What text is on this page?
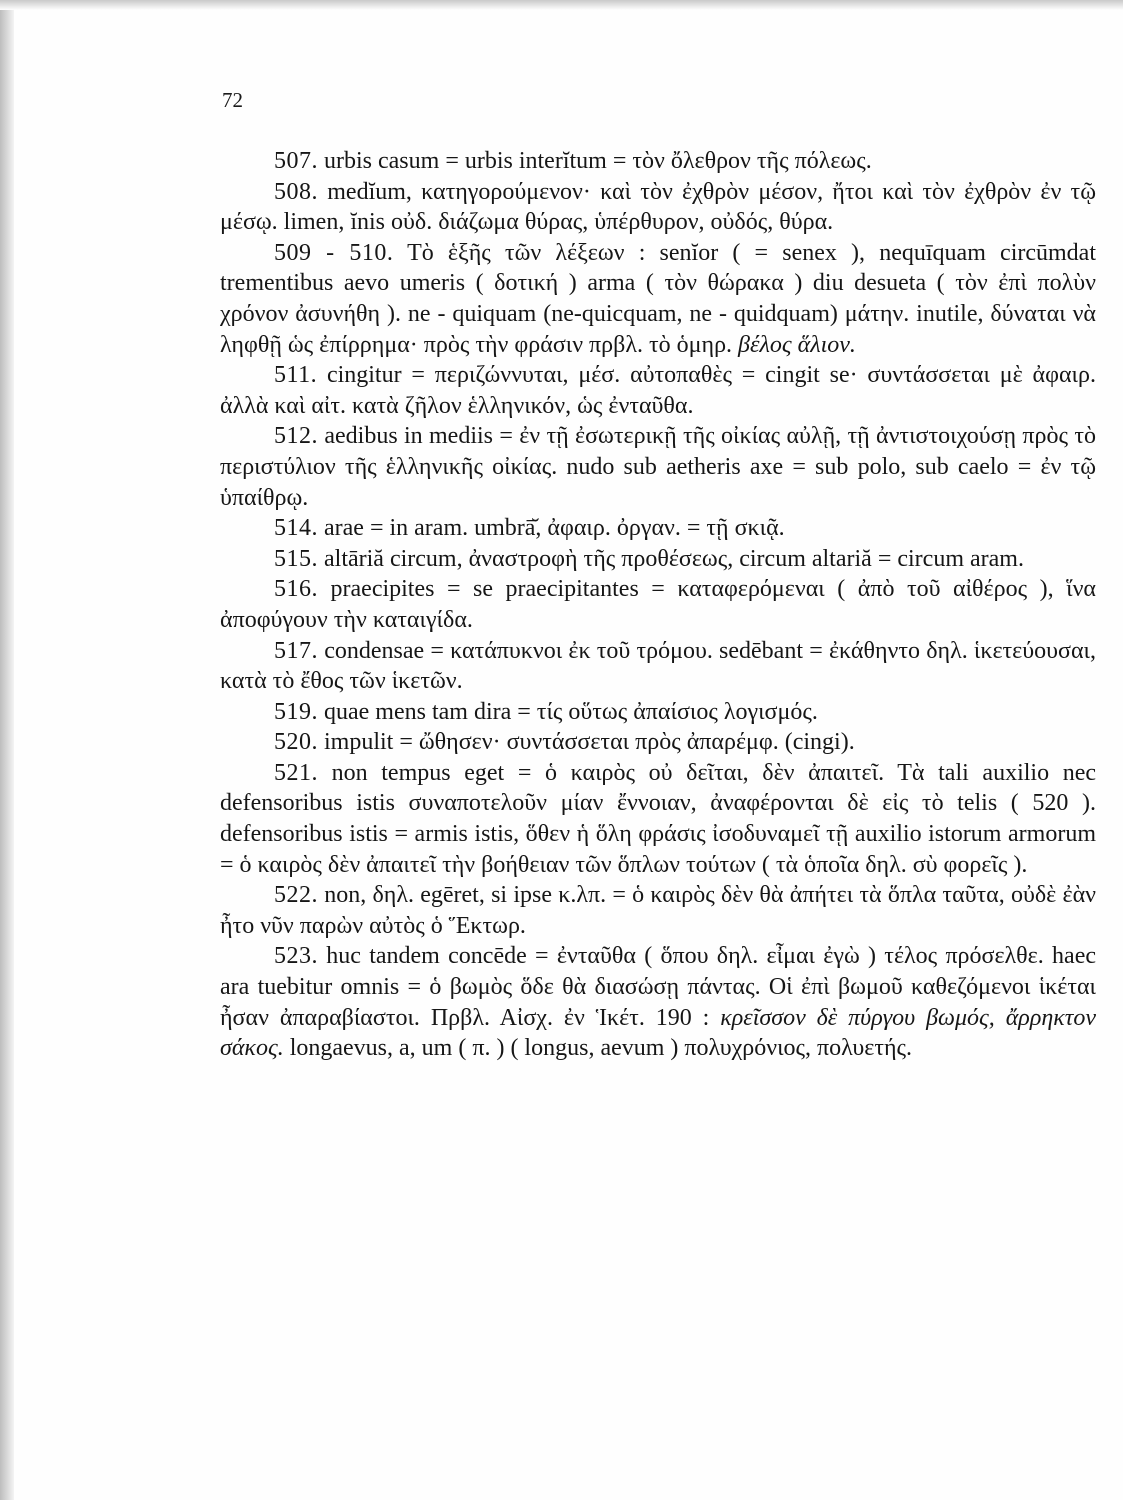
72

507. urbis casum = urbis interĭtum = τὸν ὄλεθρον τῆς πόλεως.

508. medĭum, κατηγορούμενον· καὶ τὸν ἐχθρὸν μέσον, ἤτοι καὶ τὸν ἐχθρὸν ἐν τῷ μέσῳ. limen, ĭnis οὐδ. διάζωμα θύρας, ὑπέρθυρον, οὐδός, θύρα.

509 - 510. Τὸ ἑξῆς τῶν λέξεων : senĭor ( = senex ), nequīquam circūmdat trementibus aevo umeris ( δοτική ) arma ( τὸν θώρακα ) diu desueta ( τὸν ἐπὶ πολὺν χρόνον ἀσυνήθη ). ne - quiquam (ne-quicquam, ne - quidquam) μάτην. inutile, δύναται νὰ ληφθῇ ὡς ἐπίρρημα· πρὸς τὴν φράσιν πρβλ. τὸ ὁμηρ. βέλος ἅλιον.

511. cingitur = περιζώννυται, μέσ. αὐτοπαθὲς = cingit se· συντάσσεται μὲ ἀφαιρ. ἀλλὰ καὶ αἰτ. κατὰ ζῆλον ἑλληνικόν, ὡς ἐνταῦθα.

512. aedibus in mediis = ἐν τῇ ἐσωτερικῇ τῆς οἰκίας αὐλῇ, τῇ ἀντιστοιχούσῃ πρὸς τὸ περιστύλιον τῆς ἑλληνικῆς οἰκίας. nudo sub aetheris axe = sub polo, sub caelo = ἐν τῷ ὑπαίθρῳ.

514. arae = in aram. umbrā̆, ἀφαιρ. ὀργαν. = τῇ σκιᾷ.

515. altāriă circum, ἀναστροφὴ τῆς προθέσεως, circum altariă = circum aram.

516. praecipites = se praecipitantes = καταφερόμεναι ( ἀπὸ τοῦ αἰθέρος ), ἵνα ἀποφύγουν τὴν καταιγίδα.

517. condensae = κατάπυκνοι ἐκ τοῦ τρόμου. sedēbant = ἐκάθηντο δηλ. ἱκετεύουσαι, κατὰ τὸ ἔθος τῶν ἱκετῶν.

519. quae mens tam dira = τίς οὕτως ἀπαίσιος λογισμός.

520. impulit = ὤθησεν· συντάσσεται πρὸς ἀπαρέμφ. (cingi).

521. non tempus eget = ὁ καιρὸς οὐ δεῖται, δὲν ἀπαιτεῖ. Τὰ tali auxilio nec defensoribus istis συναποτελοῦν μίαν ἔννοιαν, ἀναφέρονται δὲ εἰς τὸ telis ( 520 ). defensoribus istis = armis istis, ὅθεν ἡ ὅλη φράσις ἰσοδυναμεῖ τῇ auxilio istorum armorum = ὁ καιρὸς δὲν ἀπαιτεῖ τὴν βοήθειαν τῶν ὅπλων τούτων ( τὰ ὁποῖα δηλ. σὺ φορεῖς ).

522. non, δηλ. egēret, si ipse κ.λπ. = ὁ καιρὸς δὲν θὰ ἀπήτει τὰ ὅπλα ταῦτα, οὐδὲ ἐὰν ἦτο νῦν παρὼν αὐτὸς ὁ Ἕκτωρ.

523. huc tandem concēde = ἐνταῦθα ( ὅπου δηλ. εἶμαι ἐγὼ ) τέλος πρόσελθε. haec ara tuebitur omnis = ὁ βωμὸς ὅδε θὰ διασώσῃ πάντας. Οἱ ἐπὶ βωμοῦ καθεζόμενοι ἱκέται ἦσαν ἀπαραβίαστοι. Πρβλ. Αἰσχ. ἐν Ἱκέτ. 190 : κρεῖσσον δὲ πύργου βωμός, ἄρρηκτον σάκος. longaevus, a, um ( π. ) ( longus, aevum ) πολυχρόνιος, πολυετής.
